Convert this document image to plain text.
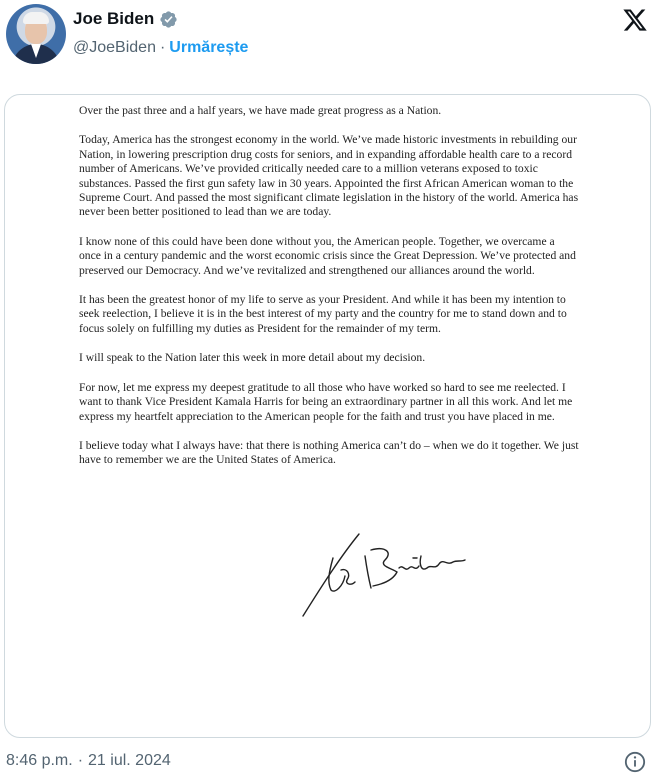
Joe Biden
@JoeBiden · Urmărește

Over the past three and a half years, we have made great progress as a Nation.

Today, America has the strongest economy in the world. We’ve made historic investments in rebuilding our Nation, in lowering prescription drug costs for seniors, and in expanding affordable health care to a record number of Americans. We’ve provided critically needed care to a million veterans exposed to toxic substances. Passed the first gun safety law in 30 years. Appointed the first African American woman to the Supreme Court. And passed the most significant climate legislation in the history of the world. America has never been better positioned to lead than we are today.

I know none of this could have been done without you, the American people. Together, we overcame a once in a century pandemic and the worst economic crisis since the Great Depression. We’ve protected and preserved our Democracy. And we’ve revitalized and strengthened our alliances around the world.

It has been the greatest honor of my life to serve as your President. And while it has been my intention to seek reelection, I believe it is in the best interest of my party and the country for me to stand down and to focus solely on fulfilling my duties as President for the remainder of my term.

I will speak to the Nation later this week in more detail about my decision.

For now, let me express my deepest gratitude to all those who have worked so hard to see me reelected. I want to thank Vice President Kamala Harris for being an extraordinary partner in all this work. And let me express my heartfelt appreciation to the American people for the faith and trust you have placed in me.

I believe today what I always have: that there is nothing America can’t do – when we do it together. We just have to remember we are the United States of America.

8:46 p.m. · 21 iul. 2024
